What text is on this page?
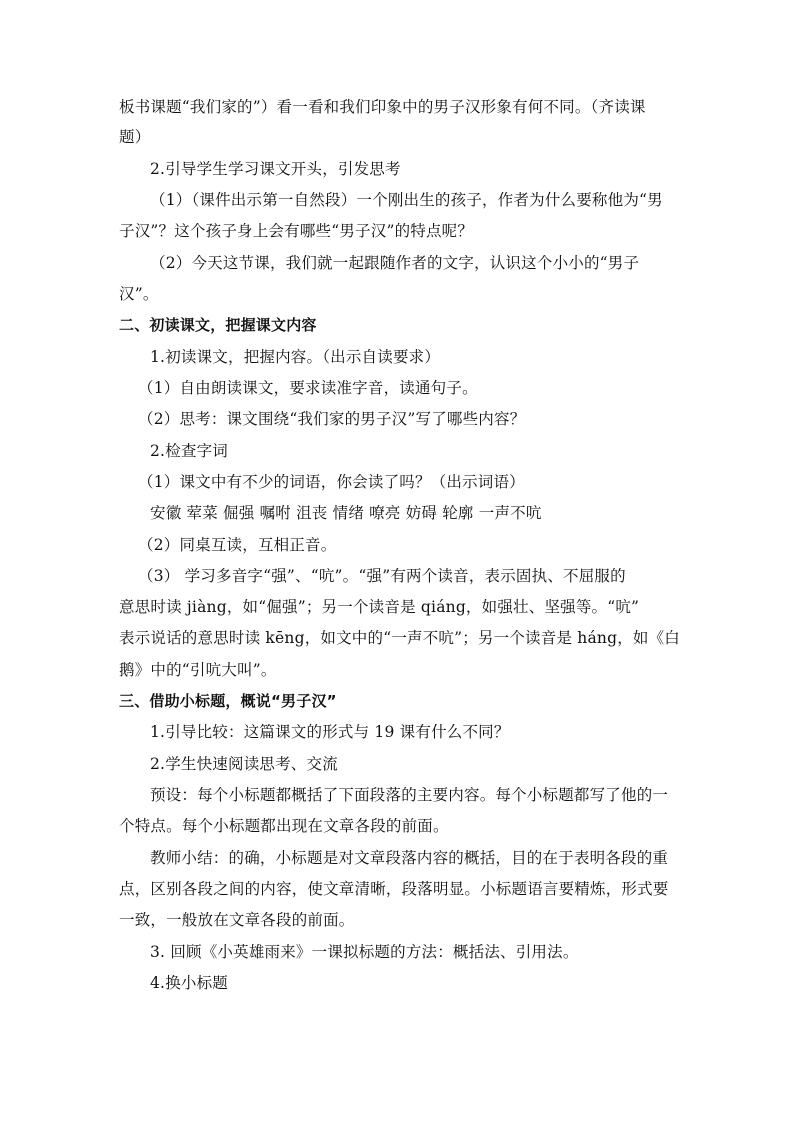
板书课题“我们家的”）看一看和我们印象中的男子汉形象有何不同。（齐读课
题）
2.引导学生学习课文开头，引发思考
（1）（课件出示第一自然段）一个刚出生的孩子，作者为什么要称他为“男
子汉”？这个孩子身上会有哪些“男子汉”的特点呢？
（2）今天这节课，我们就一起跟随作者的文字，认识这个小小的“男子
汉”。
二、初读课文，把握课文内容
1.初读课文，把握内容。（出示自读要求）
（1）自由朗读课文，要求读准字音，读通句子。
（2）思考：课文围绕“我们家的男子汉”写了哪些内容？
2.检查字词
（1）课文中有不少的词语，你会读了吗？（出示词语）
安徽 荤菜 倔强 嘱咐 沮丧 情绪 嘹亮 妨碍 轮廓 一声不吭
（2）同桌互读，互相正音。
（3） 学习多音字“强”、“吭”。“强”有两个读音，表示固执、不屈服的
意思时读 jiàng，如“倔强”；另一个读音是 qiáng，如强壮、坚强等。“吭”
表示说话的意思时读 kēng，如文中的“一声不吭”；另一个读音是 háng，如《白
鹅》中的“引吭大叫”。
三、借助小标题，概说“男子汉”
1.引导比较：这篇课文的形式与 19 课有什么不同？
2.学生快速阅读思考、交流
预设：每个小标题都概括了下面段落的主要内容。每个小标题都写了他的一
个特点。每个小标题都出现在文章各段的前面。
教师小结：的确，小标题是对文章段落内容的概括，目的在于表明各段的重
点，区别各段之间的内容，使文章清晰，段落明显。小标题语言要精炼，形式要
一致，一般放在文章各段的前面。
3. 回顾《小英雄雨来》一课拟标题的方法：概括法、引用法。
4.换小标题
